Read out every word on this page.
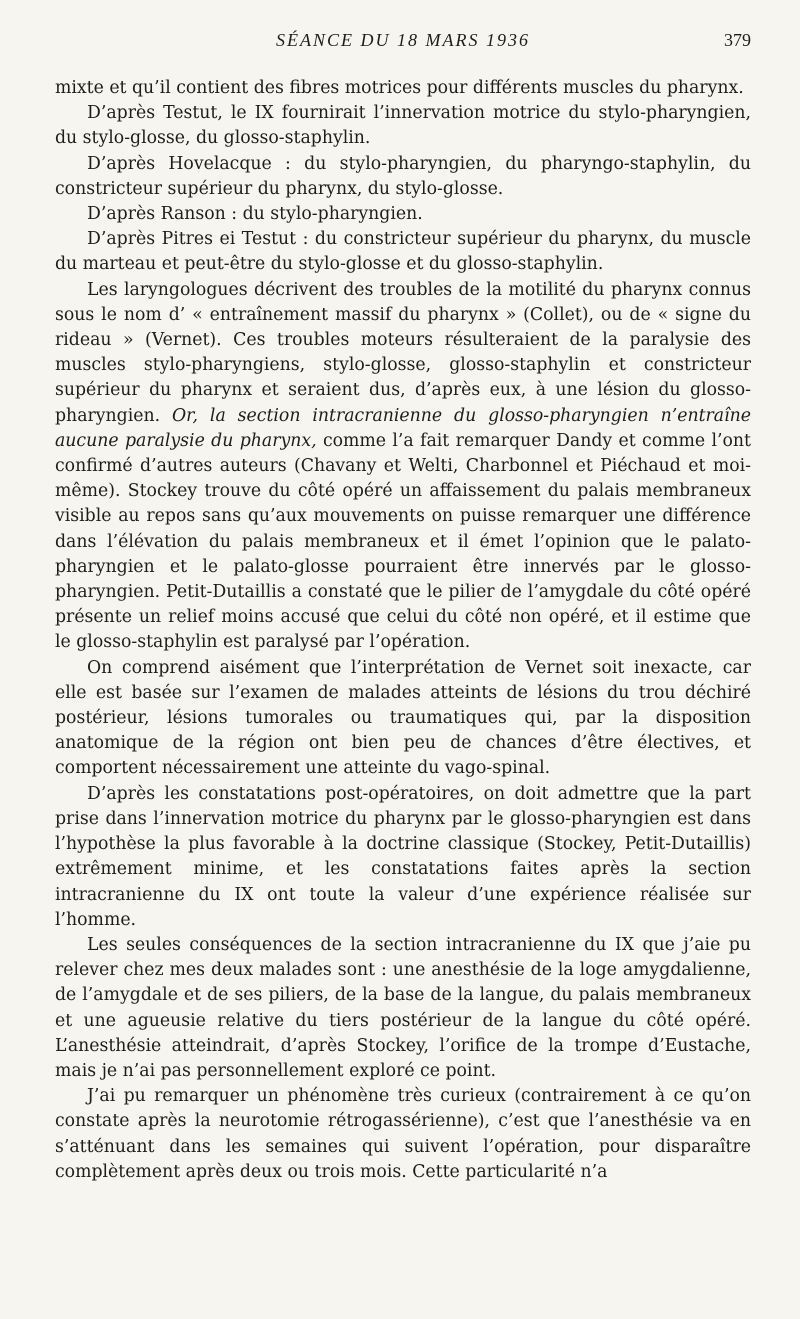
SÉANCE DU 18 MARS 1936	379

mixte et qu’il contient des fibres motrices pour différents muscles du pharynx.

D’après Testut, le IX fournirait l’innervation motrice du stylo-pharyngien, du stylo-glosse, du glosso-staphylin.

D’après Hovelacque : du stylo-pharyngien, du pharyngo-staphylin, du constricteur supérieur du pharynx, du stylo-glosse.

D’après Ranson : du stylo-pharyngien.

D’après Pitres ei Testut : du constricteur supérieur du pharynx, du muscle du marteau et peut-être du stylo-glosse et du glosso-staphylin.

Les laryngologues décrivent des troubles de la motilité du pharynx connus sous le nom d’ « entraînement massif du pharynx » (Collet), ou de « signe du rideau » (Vernet). Ces troubles moteurs résulteraient de la paralysie des muscles stylo-pharyngiens, stylo-glosse, glosso-staphylin et constricteur supérieur du pharynx et seraient dus, d’après eux, à une lésion du glosso-pharyngien. Or, la section intracranienne du glosso-pharyngien n’entraîne aucune paralysie du pharynx, comme l’a fait remarquer Dandy et comme l’ont confirmé d’autres auteurs (Chavany et Welti, Charbonnel et Piéchaud et moi-même). Stockey trouve du côté opéré un affaissement du palais membraneux visible au repos sans qu’aux mouvements on puisse remarquer une différence dans l’élévation du palais membraneux et il émet l’opinion que le palato-pharyngien et le palato-glosse pourraient être innervés par le glosso-pharyngien. Petit-Dutaillis a constaté que le pilier de l’amygdale du côté opéré présente un relief moins accusé que celui du côté non opéré, et il estime que le glosso-staphylin est paralysé par l’opération.

On comprend aisément que l’interprétation de Vernet soit inexacte, car elle est basée sur l’examen de malades atteints de lésions du trou déchiré postérieur, lésions tumorales ou traumatiques qui, par la disposition anatomique de la région ont bien peu de chances d’être électives, et comportent nécessairement une atteinte du vago-spinal.

D’après les constatations post-opératoires, on doit admettre que la part prise dans l’innervation motrice du pharynx par le glosso-pharyngien est dans l’hypothèse la plus favorable à la doctrine classique (Stockey, Petit-Dutaillis) extrêmement minime, et les constatations faites après la section intracranienne du IX ont toute la valeur d’une expérience réalisée sur l’homme.

Les seules conséquences de la section intracranienne du IX que j’aie pu relever chez mes deux malades sont : une anesthésie de la loge amygdalienne, de l’amygdale et de ses piliers, de la base de la langue, du palais membraneux et une agueusie relative du tiers postérieur de la langue du côté opéré. L’anesthésie atteindrait, d’après Stockey, l’orifice de la trompe d’Eustache, mais je n’ai pas personnellement exploré ce point.

J’ai pu remarquer un phénomène très curieux (contrairement à ce qu’on constate après la neurotomie rétrogassérienne), c’est que l’anesthésie va en s’atténuant dans les semaines qui suivent l’opération, pour disparaître complètement après deux ou trois mois. Cette particularité n’a
